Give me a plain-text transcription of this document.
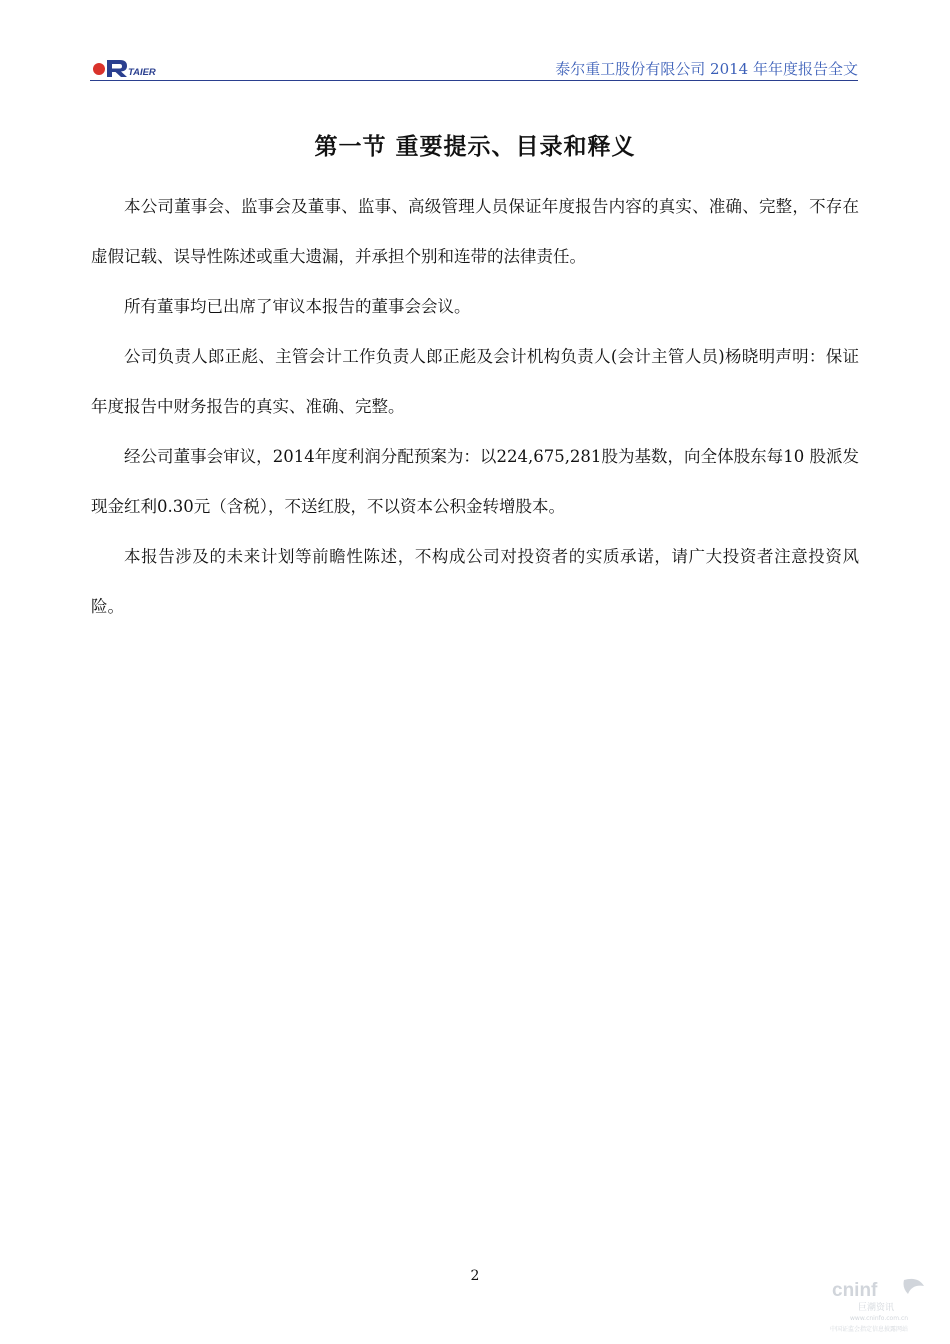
TAIER	泰尔重工股份有限公司 2014 年年度报告全文
第一节 重要提示、目录和释义

本公司董事会、监事会及董事、监事、高级管理人员保证年度报告内容的真实、准确、完整，不存在虚假记载、误导性陈述或重大遗漏，并承担个别和连带的法律责任。

所有董事均已出席了审议本报告的董事会会议。

公司负责人郎正彪、主管会计工作负责人郎正彪及会计机构负责人(会计主管人员)杨晓明声明：保证年度报告中财务报告的真实、准确、完整。

经公司董事会审议，2014年度利润分配预案为：以224,675,281股为基数，向全体股东每10 股派发现金红利0.30元（含税），不送红股，不以资本公积金转增股本。

本报告涉及的未来计划等前瞻性陈述，不构成公司对投资者的实质承诺，请广大投资者注意投资风险。

2
cninf
巨潮资讯
www.cninfo.com.cn
中国证监会指定信息披露网站
